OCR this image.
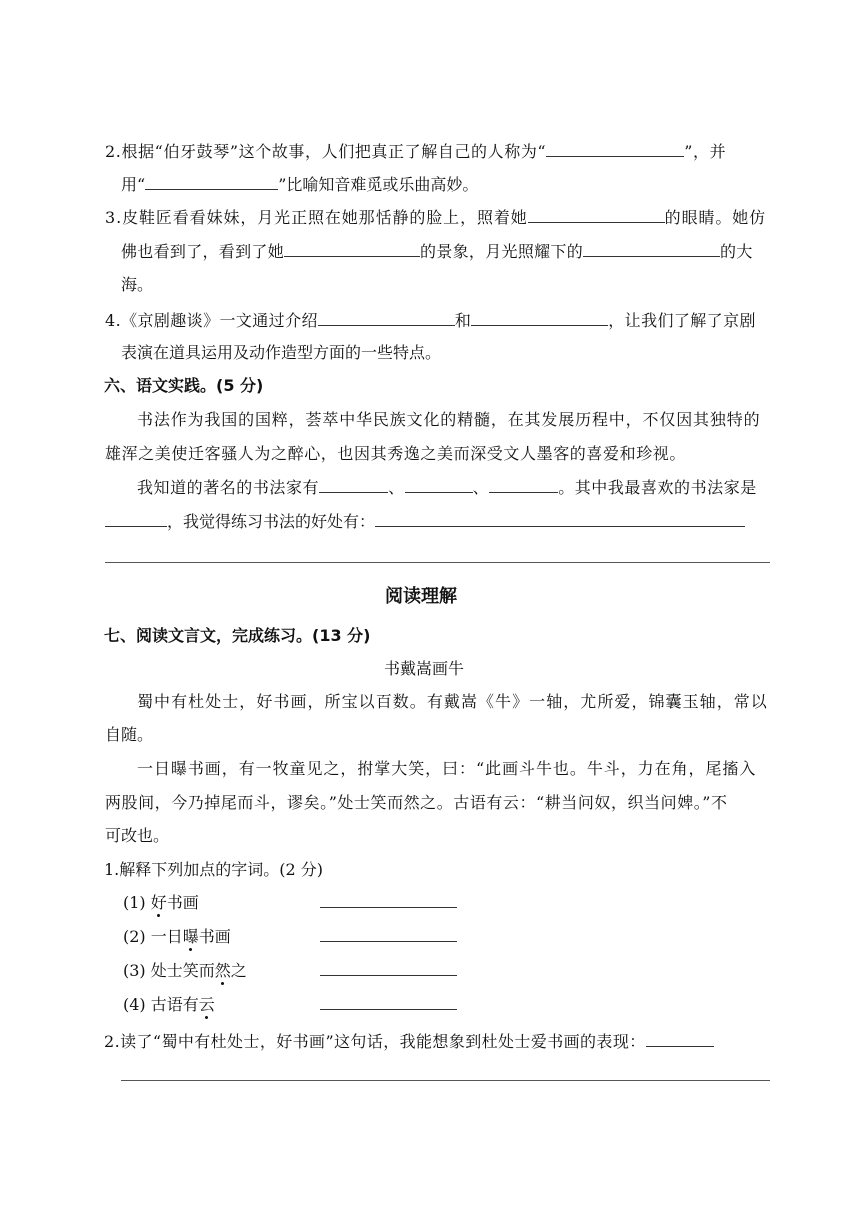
2.根据“伯牙鼓琴”这个故事，人们把真正了解自己的人称为“	”，并
用“	”比喻知音难觅或乐曲高妙。
3.皮鞋匠看看妹妹，月光正照在她那恬静的脸上，照着她	的眼睛。她仿
佛也看到了，看到了她	的景象，月光照耀下的	的大
海。
4.《京剧趣谈》一文通过介绍	和	，让我们了解了京剧
表演在道具运用及动作造型方面的一些特点。
六、语文实践。(5 分)
书法作为我国的国粹，荟萃中华民族文化的精髓，在其发展历程中，不仅因其独特的
雄浑之美使迁客骚人为之醉心，也因其秀逸之美而深受文人墨客的喜爱和珍视。
我知道的著名的书法家有	、	、	。其中我最喜欢的书法家是
，我觉得练习书法的好处有：
阅读理解
七、阅读文言文，完成练习。(13 分)
书戴嵩画牛
蜀中有杜处士，好书画，所宝以百数。有戴嵩《牛》一轴，尤所爱，锦囊玉轴，常以
自随。
一日曝书画，有一牧童见之，拊掌大笑，曰：“此画斗牛也。牛斗，力在角，尾搐入
两股间，今乃掉尾而斗，谬矣。”处士笑而然之。古语有云：“耕当问奴，织当问婢。”不
可改也。
1.解释下列加点的字词。(2 分)
(1) 好书画
(2) 一日曝书画
(3) 处士笑而然之
(4) 古语有云
2.读了“蜀中有杜处士，好书画”这句话，我能想象到杜处士爱书画的表现：
